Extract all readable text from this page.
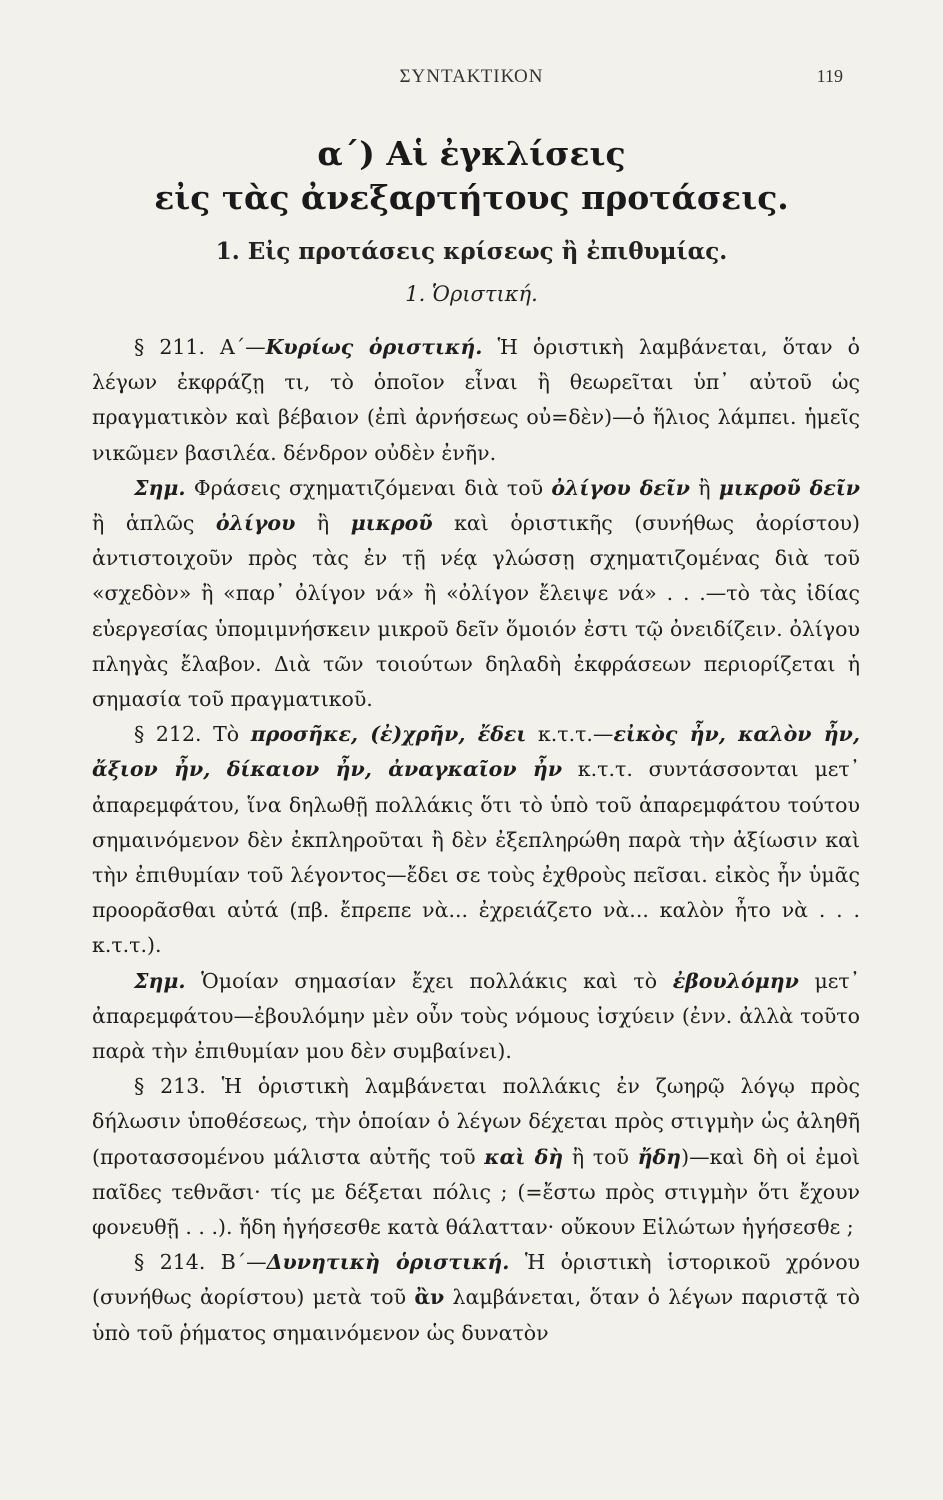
ΣΥΝΤΑΚΤΙΚΟΝ	119
α΄) Αἱ ἐγκλίσεις
εἰς τὰς ἀνεξαρτήτους προτάσεις.
1. Εἰς προτάσεις κρίσεως ἢ ἐπιθυμίας.
1. Ὁριστική.

§ 211. Α΄—Κυρίως ὁριστική. Ἡ ὁριστικὴ λαμβάνεται, ὅταν ὁ λέγων ἐκφράζῃ τι, τὸ ὁποῖον εἶναι ἢ θεωρεῖται ὑπ᾽ αὐτοῦ ὡς πραγματικὸν καὶ βέβαιον (ἐπὶ ἀρνήσεως οὐ=δὲν)—ὁ ἥλιος λάμπει. ἡμεῖς νικῶμεν βασιλέα. δένδρον οὐδὲν ἐνῆν.

Σημ. Φράσεις σχηματιζόμεναι διὰ τοῦ ὀλίγου δεῖν ἢ μικροῦ δεῖν ἢ ἁπλῶς ὀλίγου ἢ μικροῦ καὶ ὁριστικῆς (συνήθως ἀορίστου) ἀντιστοιχοῦν πρὸς τὰς ἐν τῇ νέᾳ γλώσσῃ σχηματιζομένας διὰ τοῦ «σχεδὸν» ἢ «παρ᾽ ὀλίγον νά» ἢ «ὀλίγον ἔλειψε νά» . . .—τὸ τὰς ἰδίας εὐεργεσίας ὑπομιμνήσκειν μικροῦ δεῖν ὅμοιόν ἐστι τῷ ὀνειδίζειν. ὀλίγου πληγὰς ἔλαβον. Διὰ τῶν τοιούτων δηλαδὴ ἐκφράσεων περιορίζεται ἡ σημασία τοῦ πραγματικοῦ.

§ 212. Τὸ προσῆκε, (ἐ)χρῆν, ἔδει κ.τ.τ.—εἰκὸς ἦν, καλὸν ἦν, ἄξιον ἦν, δίκαιον ἦν, ἀναγκαῖον ἦν κ.τ.τ. συντάσσονται μετ᾽ ἀπαρεμφάτου, ἵνα δηλωθῇ πολλάκις ὅτι τὸ ὑπὸ τοῦ ἀπαρεμφάτου τούτου σημαινόμενον δὲν ἐκπληροῦται ἢ δὲν ἐξεπληρώθη παρὰ τὴν ἀξίωσιν καὶ τὴν ἐπιθυμίαν τοῦ λέγοντος—ἔδει σε τοὺς ἐχθροὺς πεῖσαι. εἰκὸς ἦν ὑμᾶς προορᾶσθαι αὐτά (πβ. ἔπρεπε νὰ... ἐχρειάζετο νὰ... καλὸν ἦτο νὰ . . . κ.τ.τ.).

Σημ. Ὁμοίαν σημασίαν ἔχει πολλάκις καὶ τὸ ἐβουλόμην μετ᾽ ἀπαρεμφάτου—ἐβουλόμην μὲν οὖν τοὺς νόμους ἰσχύειν (ἐνν. ἀλλὰ τοῦτο παρὰ τὴν ἐπιθυμίαν μου δὲν συμβαίνει).

§ 213. Ἡ ὁριστικὴ λαμβάνεται πολλάκις ἐν ζωηρῷ λόγῳ πρὸς δήλωσιν ὑποθέσεως, τὴν ὁποίαν ὁ λέγων δέχεται πρὸς στιγμὴν ὡς ἀληθῆ (προτασσομένου μάλιστα αὐτῆς τοῦ καὶ δὴ ἢ τοῦ ἤδη)—καὶ δὴ οἱ ἐμοὶ παῖδες τεθνᾶσι· τίς με δέξεται πόλις ; (=ἔστω πρὸς στιγμὴν ὅτι ἔχουν φονευθῇ . . .). ἤδη ἡγήσεσθε κατὰ θάλατταν· οὔκουν Εἱλώτων ἡγήσεσθε ;

§ 214. Β΄—Δυνητικὴ ὁριστική. Ἡ ὁριστικὴ ἱστορικοῦ χρόνου (συνήθως ἀορίστου) μετὰ τοῦ ἂν λαμβάνεται, ὅταν ὁ λέγων παριστᾷ τὸ ὑπὸ τοῦ ῥήματος σημαινόμενον ὡς δυνατὸν
